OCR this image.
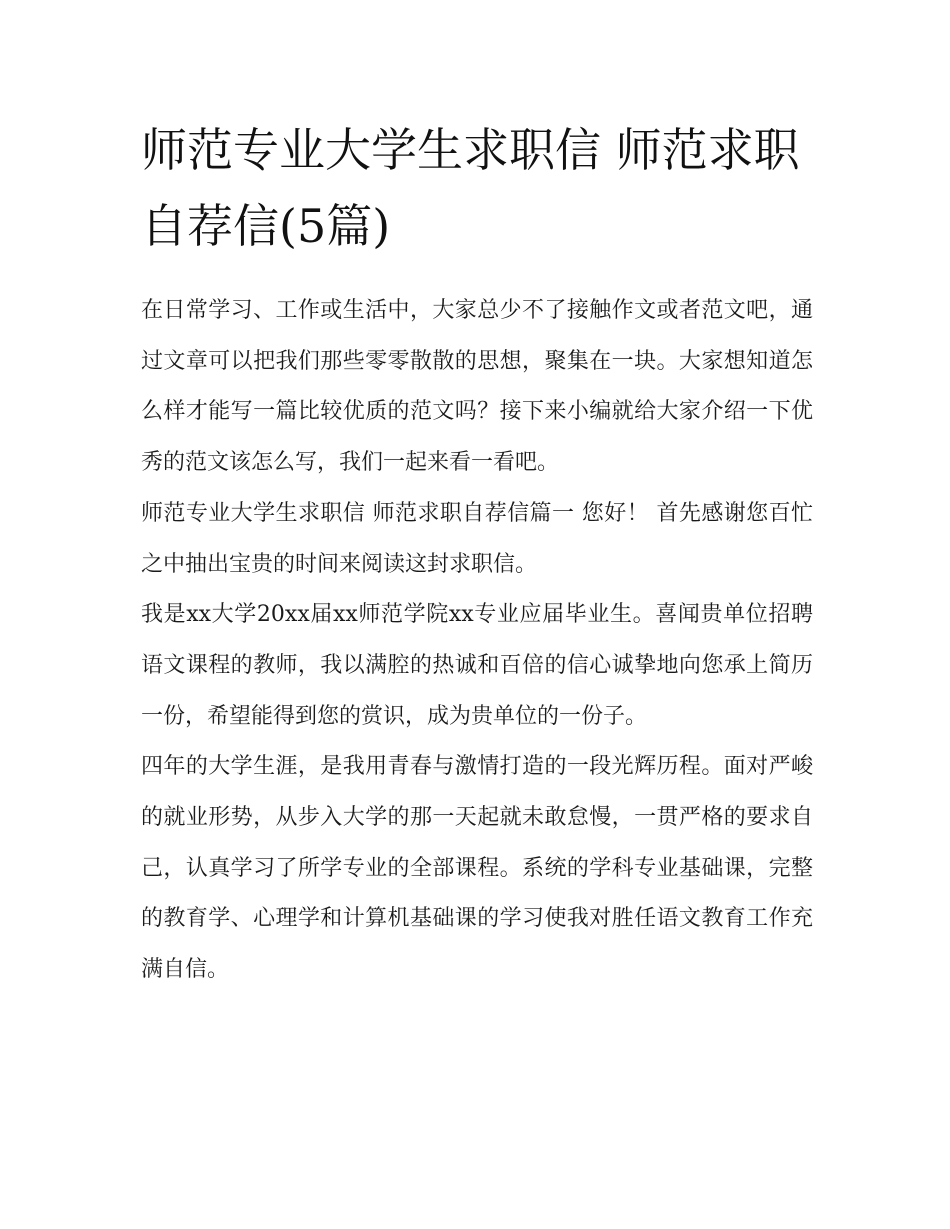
师范专业大学生求职信 师范求职自荐信(5篇)

在日常学习、工作或生活中，大家总少不了接触作文或者范文吧，通过文章可以把我们那些零零散散的思想，聚集在一块。大家想知道怎么样才能写一篇比较优质的范文吗？接下来小编就给大家介绍一下优秀的范文该怎么写，我们一起来看一看吧。

师范专业大学生求职信 师范求职自荐信篇一 您好！ 首先感谢您百忙之中抽出宝贵的时间来阅读这封求职信。

我是xx大学20xx届xx师范学院xx专业应届毕业生。喜闻贵单位招聘语文课程的教师，我以满腔的热诚和百倍的信心诚挚地向您承上简历一份，希望能得到您的赏识，成为贵单位的一份子。

四年的大学生涯，是我用青春与激情打造的一段光辉历程。面对严峻的就业形势，从步入大学的那一天起就未敢怠慢，一贯严格的要求自己，认真学习了所学专业的全部课程。系统的学科专业基础课，完整的教育学、心理学和计算机基础课的学习使我对胜任语文教育工作充满自信。
